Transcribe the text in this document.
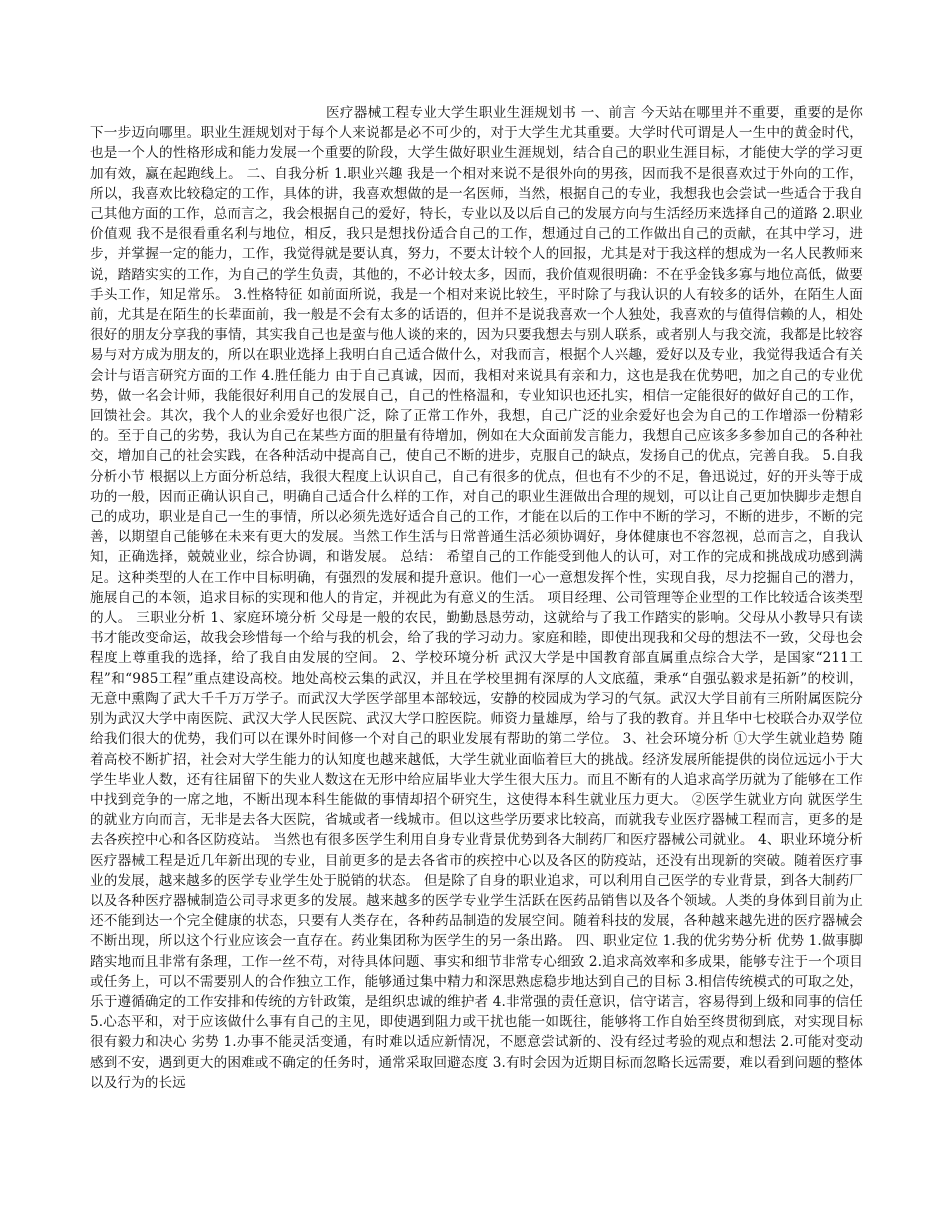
医疗器械工程专业大学生职业生涯规划书 一、前言 今天站在哪里并不重要，重要的是你下一步迈向哪里。职业生涯规划对于每个人来说都是必不可少的，对于大学生尤其重要。大学时代可谓是人一生中的黄金时代，也是一个人的性格形成和能力发展一个重要的阶段，大学生做好职业生涯规划，结合自己的职业生涯目标，才能使大学的学习更加有效，赢在起跑线上。 二、自我分析 1.职业兴趣 我是一个相对来说不是很外向的男孩，因而我不是很喜欢过于外向的工作，所以，我喜欢比较稳定的工作，具体的讲，我喜欢想做的是一名医师，当然，根据自己的专业，我想我也会尝试一些适合于我自己其他方面的工作，总而言之，我会根据自己的爱好，特长，专业以及以后自己的发展方向与生活经历来选择自己的道路 2.职业价值观 我不是很看重名利与地位，相反，我只是想找份适合自己的工作，想通过自己的工作做出自己的贡献，在其中学习，进步，并掌握一定的能力，工作，我觉得就是要认真，努力，不要太计较个人的回报，尤其是对于我这样的想成为一名人民教师来说，踏踏实实的工作，为自己的学生负责，其他的，不必计较太多，因而，我价值观很明确：不在乎金钱多寡与地位高低，做要手头工作，知足常乐。 3.性格特征 如前面所说，我是一个相对来说比较生，平时除了与我认识的人有较多的话外，在陌生人面前，尤其是在陌生的长辈面前，我一般是不会有太多的话语的，但并不是说我喜欢一个人独处，我喜欢的与值得信赖的人，相处很好的朋友分享我的事情，其实我自己也是蛮与他人谈的来的，因为只要我想去与别人联系，或者别人与我交流，我都是比较容易与对方成为朋友的，所以在职业选择上我明白自己适合做什么，对我而言，根据个人兴趣，爱好以及专业，我觉得我适合有关会计与语言研究方面的工作 4.胜任能力 由于自己真诚，因而，我相对来说具有亲和力，这也是我在优势吧，加之自己的专业优势，做一名会计师，我能很好利用自己的发展自己，自己的性格温和，专业知识也还扎实，相信一定能很好的做好自己的工作，回馈社会。其次，我个人的业余爱好也很广泛，除了正常工作外，我想，自己广泛的业余爱好也会为自己的工作增添一份精彩的。至于自己的劣势，我认为自己在某些方面的胆量有待增加，例如在大众面前发言能力，我想自己应该多多参加自己的各种社交，增加自己的社会实践，在各种活动中提高自己，使自己不断的进步，克服自己的缺点，发扬自己的优点，完善自我。 5.自我分析小节 根据以上方面分析总结，我很大程度上认识自己，自己有很多的优点，但也有不少的不足，鲁迅说过，好的开头等于成功的一般，因而正确认识自己，明确自己适合什么样的工作，对自己的职业生涯做出合理的规划，可以让自己更加快脚步走想自己的成功，职业是自己一生的事情，所以必须先选好适合自己的工作，才能在以后的工作中不断的学习，不断的进步，不断的完善，以期望自己能够在未来有更大的发展。当然工作生活与日常普通生活必须协调好，身体健康也不容忽视，总而言之，自我认知，正确选择，兢兢业业，综合协调，和谐发展。 总结： 希望自己的工作能受到他人的认可，对工作的完成和挑战成功感到满足。这种类型的人在工作中目标明确，有强烈的发展和提升意识。他们一心一意想发挥个性，实现自我，尽力挖掘自己的潜力，施展自己的本领，追求目标的实现和他人的肯定，并视此为有意义的生活。 项目经理、公司管理等企业型的工作比较适合该类型的人。 三职业分析 1、家庭环境分析 父母是一般的农民，勤勤恳恳劳动，这就给与了我工作踏实的影响。父母从小教导只有读书才能改变命运，故我会珍惜每一个给与我的机会，给了我的学习动力。家庭和睦，即使出现我和父母的想法不一致，父母也会程度上尊重我的选择，给了我自由发展的空间。 2、学校环境分析 武汉大学是中国教育部直属重点综合大学，是国家“211工程”和“985工程”重点建设高校。地处高校云集的武汉，并且在学校里拥有深厚的人文底蕴，秉承“自强弘毅求是拓新”的校训，无意中熏陶了武大千千万万学子。而武汉大学医学部里本部较远，安静的校园成为学习的气氛。武汉大学目前有三所附属医院分别为武汉大学中南医院、武汉大学人民医院、武汉大学口腔医院。师资力量雄厚，给与了我的教育。并且华中七校联合办双学位给我们很大的优势，我们可以在课外时间修一个对自己的职业发展有帮助的第二学位。 3、社会环境分析 ①大学生就业趋势 随着高校不断扩招，社会对大学生能力的认知度也越来越低，大学生就业面临着巨大的挑战。经济发展所能提供的岗位远远小于大学生毕业人数，还有往届留下的失业人数这在无形中给应届毕业大学生很大压力。而且不断有的人追求高学历就为了能够在工作中找到竞争的一席之地，不断出现本科生能做的事情却招个研究生，这使得本科生就业压力更大。 ②医学生就业方向 就医学生的就业方向而言，无非是去各大医院，省城或者一线城市。但以这些学历要求比较高，而就我专业医疗器械工程而言，更多的是去各疾控中心和各区防疫站。 当然也有很多医学生利用自身专业背景优势到各大制药厂和医疗器械公司就业。 4、职业环境分析 医疗器械工程是近几年新出现的专业，目前更多的是去各省市的疾控中心以及各区的防疫站，还没有出现新的突破。随着医疗事业的发展，越来越多的医学专业学生处于脱销的状态。 但是除了自身的职业追求，可以利用自己医学的专业背景，到各大制药厂以及各种医疗器械制造公司寻求更多的发展。越来越多的医学专业学生活跃在医药品销售以及各个领域。人类的身体到目前为止还不能到达一个完全健康的状态，只要有人类存在，各种药品制造的发展空间。随着科技的发展，各种越来越先进的医疗器械会不断出现，所以这个行业应该会一直存在。药业集团称为医学生的另一条出路。 四、职业定位 1.我的优劣势分析 优势 1.做事脚踏实地而且非常有条理，工作一丝不苟，对待具体问题、事实和细节非常专心细致 2.追求高效率和多成果，能够专注于一个项目或任务上，可以不需要别人的合作独立工作，能够通过集中精力和深思熟虑稳步地达到自己的目标 3.相信传统模式的可取之处，乐于遵循确定的工作安排和传统的方针政策，是组织忠诚的维护者 4.非常强的责任意识，信守诺言，容易得到上级和同事的信任 5.心态平和，对于应该做什么事有自己的主见，即使遇到阻力或干扰也能一如既往，能够将工作自始至终贯彻到底，对实现目标很有毅力和决心 劣势 1.办事不能灵活变通，有时难以适应新情况，不愿意尝试新的、没有经过考验的观点和想法 2.可能对变动感到不安，遇到更大的困难或不确定的任务时，通常采取回避态度 3.有时会因为近期目标而忽略长远需要，难以看到问题的整体以及行为的长远
